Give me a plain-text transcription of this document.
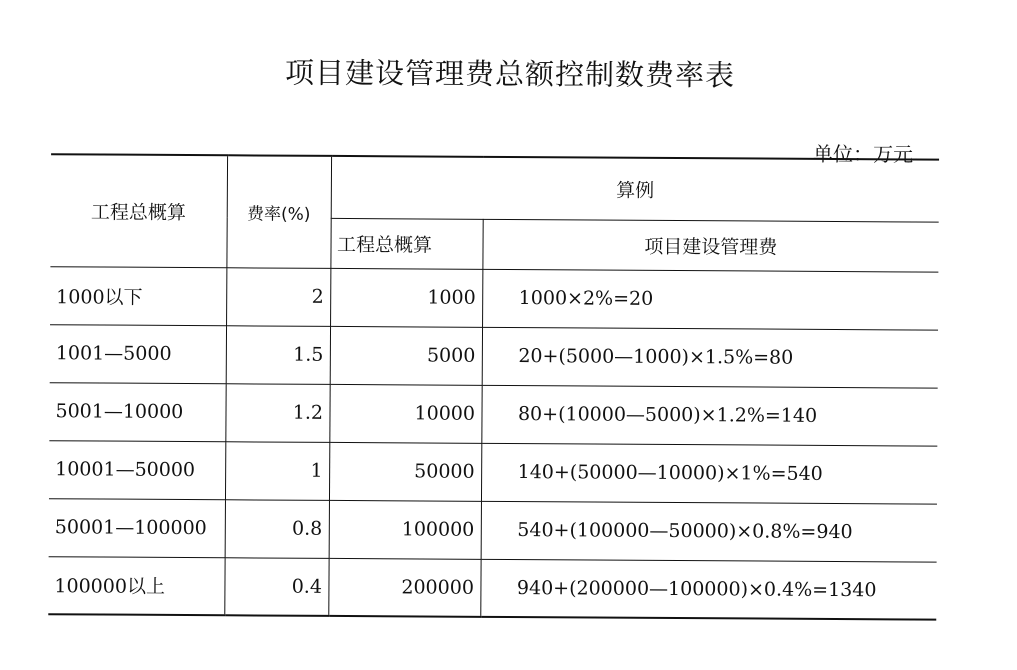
项目建设管理费总额控制数费率表
单位：万元
工程总概算	费率(%)	算例	
		工程总概算	项目建设管理费
1000以下	2	1000	1000×2%=20
1001—5000	1.5	5000	20+(5000—1000)×1.5%=80
5001—10000	1.2	10000	80+(10000—5000)×1.2%=140
10001—50000	1	50000	140+(50000—10000)×1%=540
50001—100000	0.8	100000	540+(100000—50000)×0.8%=940
100000以上	0.4	200000	940+(200000—100000)×0.4%=1340
